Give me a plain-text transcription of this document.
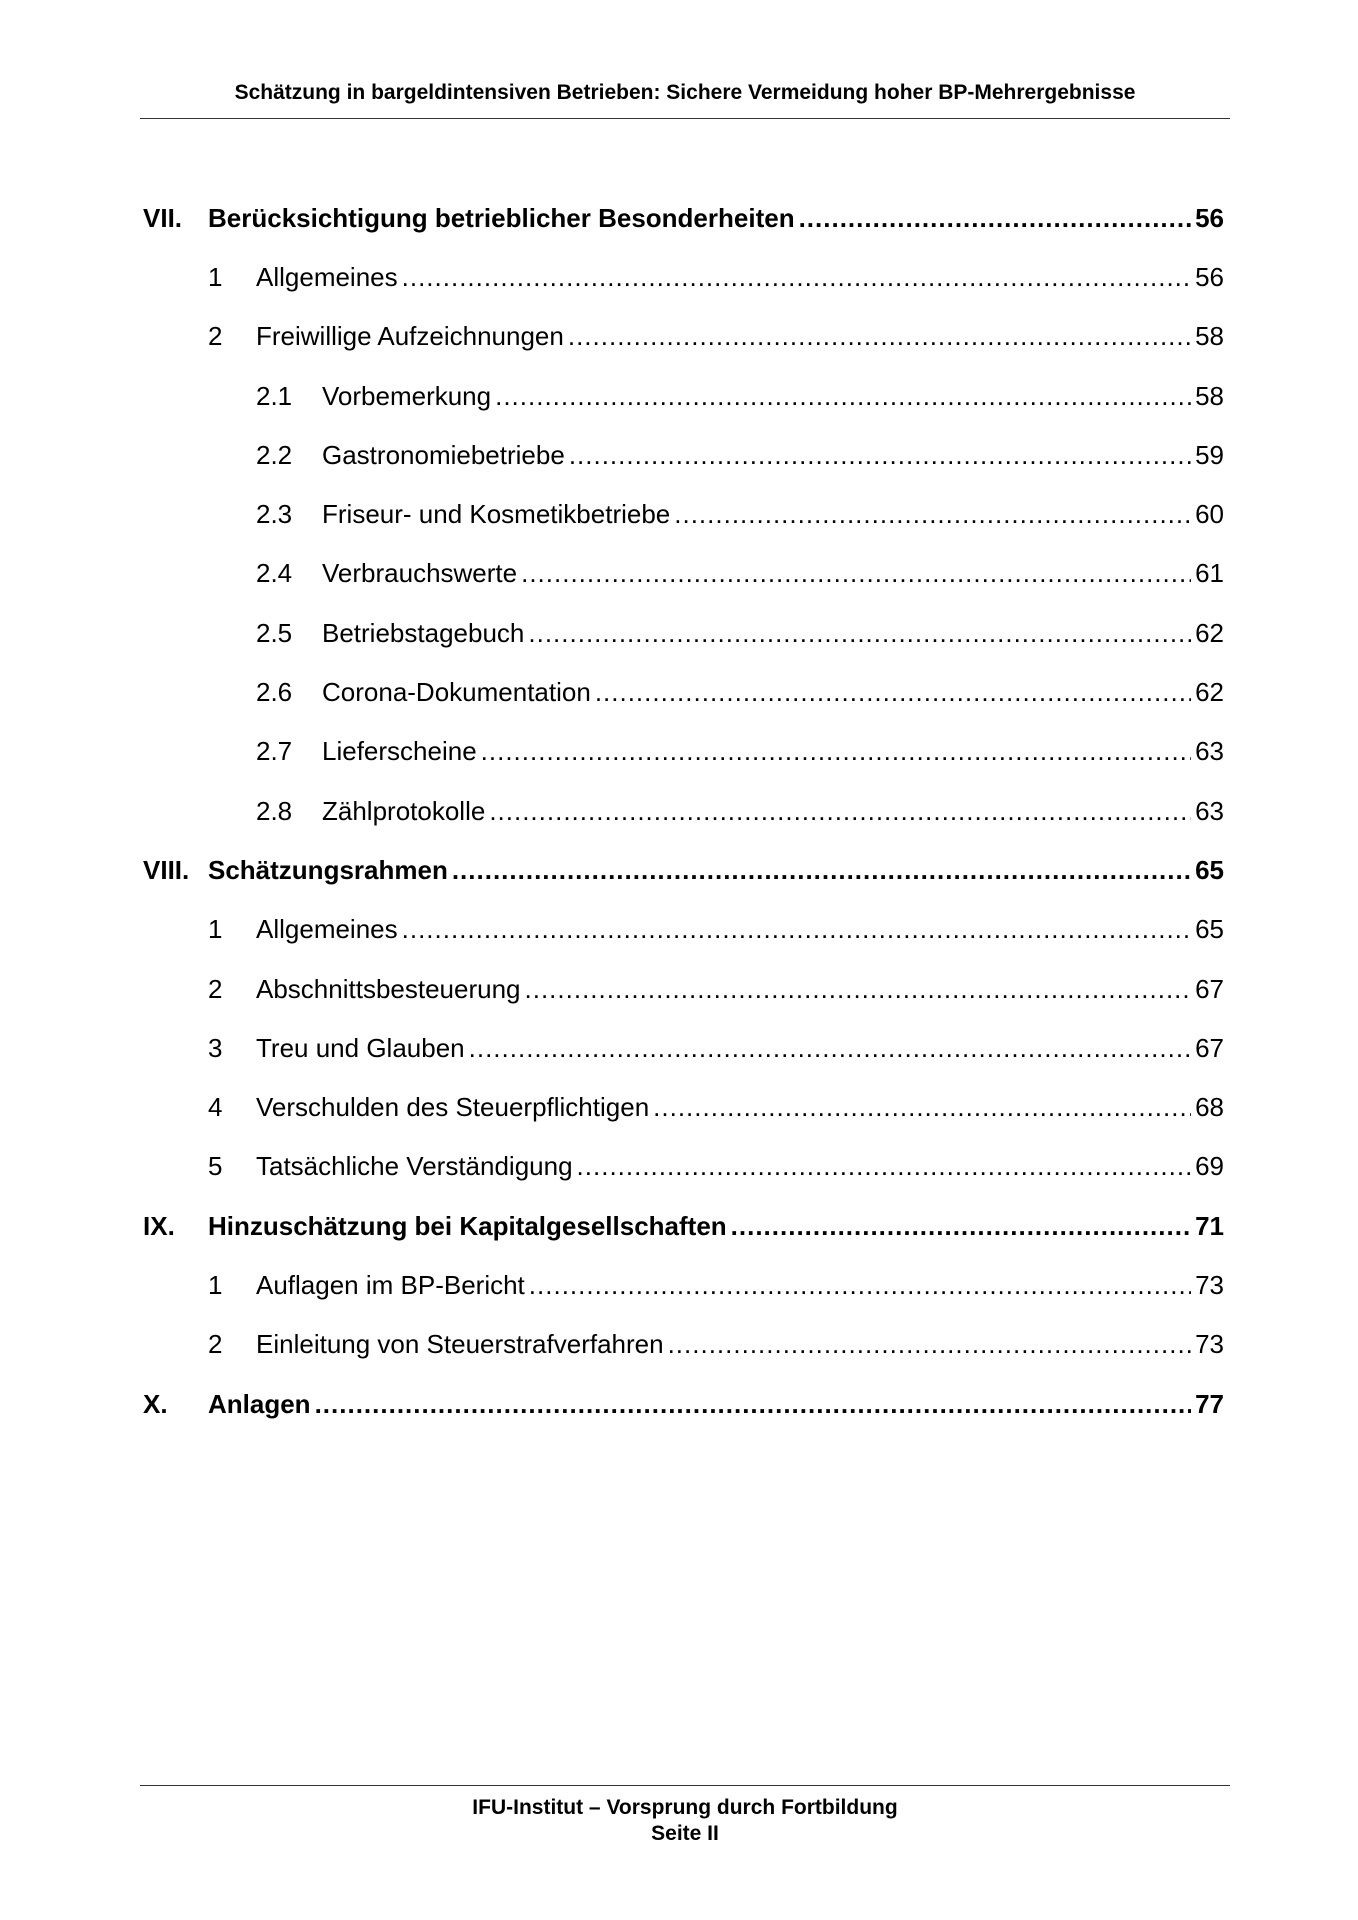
Schätzung in bargeldintensiven Betrieben: Sichere Vermeidung hoher BP-Mehrergebnisse
VII. Berücksichtigung betrieblicher Besonderheiten .....	56
1	Allgemeines .....	56
2	Freiwillige Aufzeichnungen .....	58
2.1	Vorbemerkung .....	58
2.2	Gastronomiebetriebe .....	59
2.3	Friseur- und Kosmetikbetriebe .....	60
2.4	Verbrauchswerte .....	61
2.5	Betriebstagebuch .....	62
2.6	Corona-Dokumentation .....	62
2.7	Lieferscheine .....	63
2.8	Zählprotokolle .....	63
VIII. Schätzungsrahmen .....	65
1	Allgemeines .....	65
2	Abschnittsbesteuerung .....	67
3	Treu und Glauben .....	67
4	Verschulden des Steuerpflichtigen .....	68
5	Tatsächliche Verständigung .....	69
IX.	Hinzuschätzung bei Kapitalgesellschaften .....	71
1	Auflagen im BP-Bericht .....	73
2	Einleitung von Steuerstrafverfahren .....	73
X.	Anlagen .....	77
IFU-Institut – Vorsprung durch Fortbildung
Seite II
